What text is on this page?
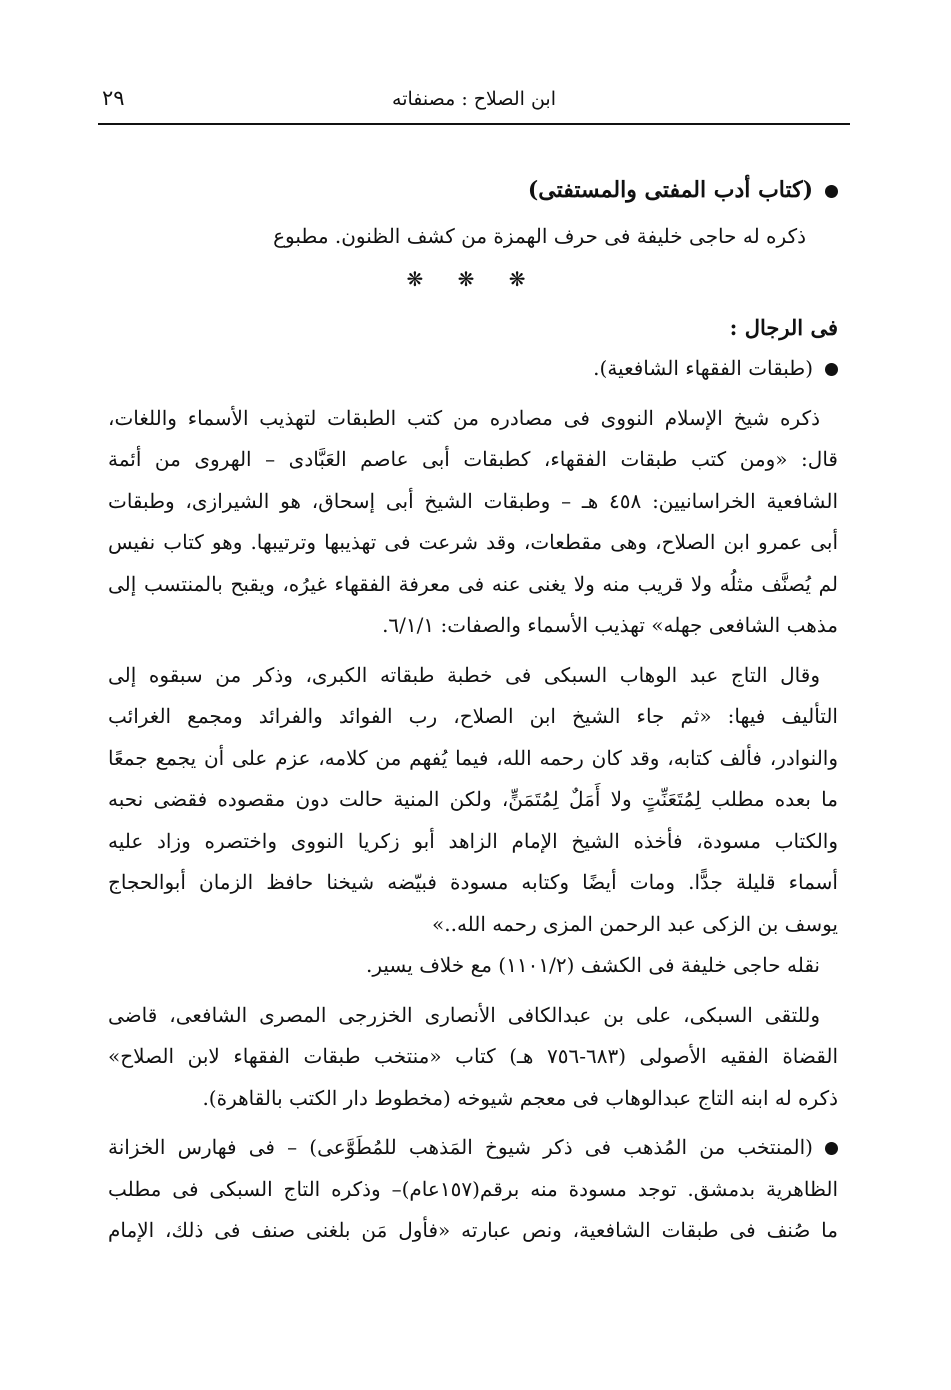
ابن الصلاح : مصنفاته
٢٩
(كتاب أدب المفتى والمستفتى)
ذكره له حاجى خليفة فى حرف الهمزة من كشف الظنون. مطبوع
❋ ❋ ❋
فى الرجال :
(طبقات الفقهاء الشافعية).
ذكره شيخ الإسلام النووى فى مصادره من كتب الطبقات لتهذيب الأسماء واللغات،
قال: «ومن كتب طبقات الفقهاء، كطبقات أبى عاصم العَبَّادى – الهروى من أئمة
الشافعية الخراسانيين: ٤٥٨ هـ – وطبقات الشيخ أبى إسحاق، هو الشيرازى، وطبقات
أبى عمرو ابن الصلاح، وهى مقطعات، وقد شرعت فى تهذيبها وترتيبها. وهو كتاب نفيس
لم يُصنَّف مثلُه ولا قريب منه ولا يغنى عنه فى معرفة الفقهاء غيرُه، ويقبح بالمنتسب إلى
مذهب الشافعى جهله» تهذيب الأسماء والصفات: ٦/١/١.
وقال التاج عبد الوهاب السبكى فى خطبة طبقاته الكبرى، وذكر من سبقوه إلى
التأليف فيها: «ثم جاء الشيخ ابن الصلاح، رب الفوائد والفرائد ومجمع الغرائب
والنوادر، فألف كتابه، وقد كان رحمه الله، فيما يُفهم من كلامه، عزم على أن يجمع جمعًا
ما بعده مطلب لِمُتَعَنِّتٍ ولا أَمَلٌ لِمُتَمَنٍّ، ولكن المنية حالت دون مقصوده فقضى نحبه
والكتاب مسودة، فأخذه الشيخ الإمام الزاهد أبو زكريا النووى واختصره وزاد عليه
أسماء قليلة جدًّا. ومات أيضًا وكتابه مسودة فبيّضه شيخنا حافظ الزمان أبوالحجاج
يوسف بن الزكى عبد الرحمن المزى رحمه الله..»
نقله حاجى خليفة فى الكشف (١١٠١/٢) مع خلاف يسير.
وللتقى السبكى، على بن عبدالكافى الأنصارى الخزرجى المصرى الشافعى، قاضى
القضاة الفقيه الأصولى (٦٨٣-٧٥٦ هـ) كتاب «منتخب طبقات الفقهاء لابن الصلاح»
ذكره له ابنه التاج عبدالوهاب فى معجم شيوخه (مخطوط دار الكتب بالقاهرة).
(المنتخب من المُذهب فى ذكر شيوخ المَذهب للمُطَوَّعى) – فى فهارس الخزانة
الظاهرية بدمشق. توجد مسودة منه برقم(١٥٧عام)– وذكره التاج السبكى فى مطلب
ما صُنف فى طبقات الشافعية، ونص عبارته «فأول مَن بلغنى صنف فى ذلك، الإمام
